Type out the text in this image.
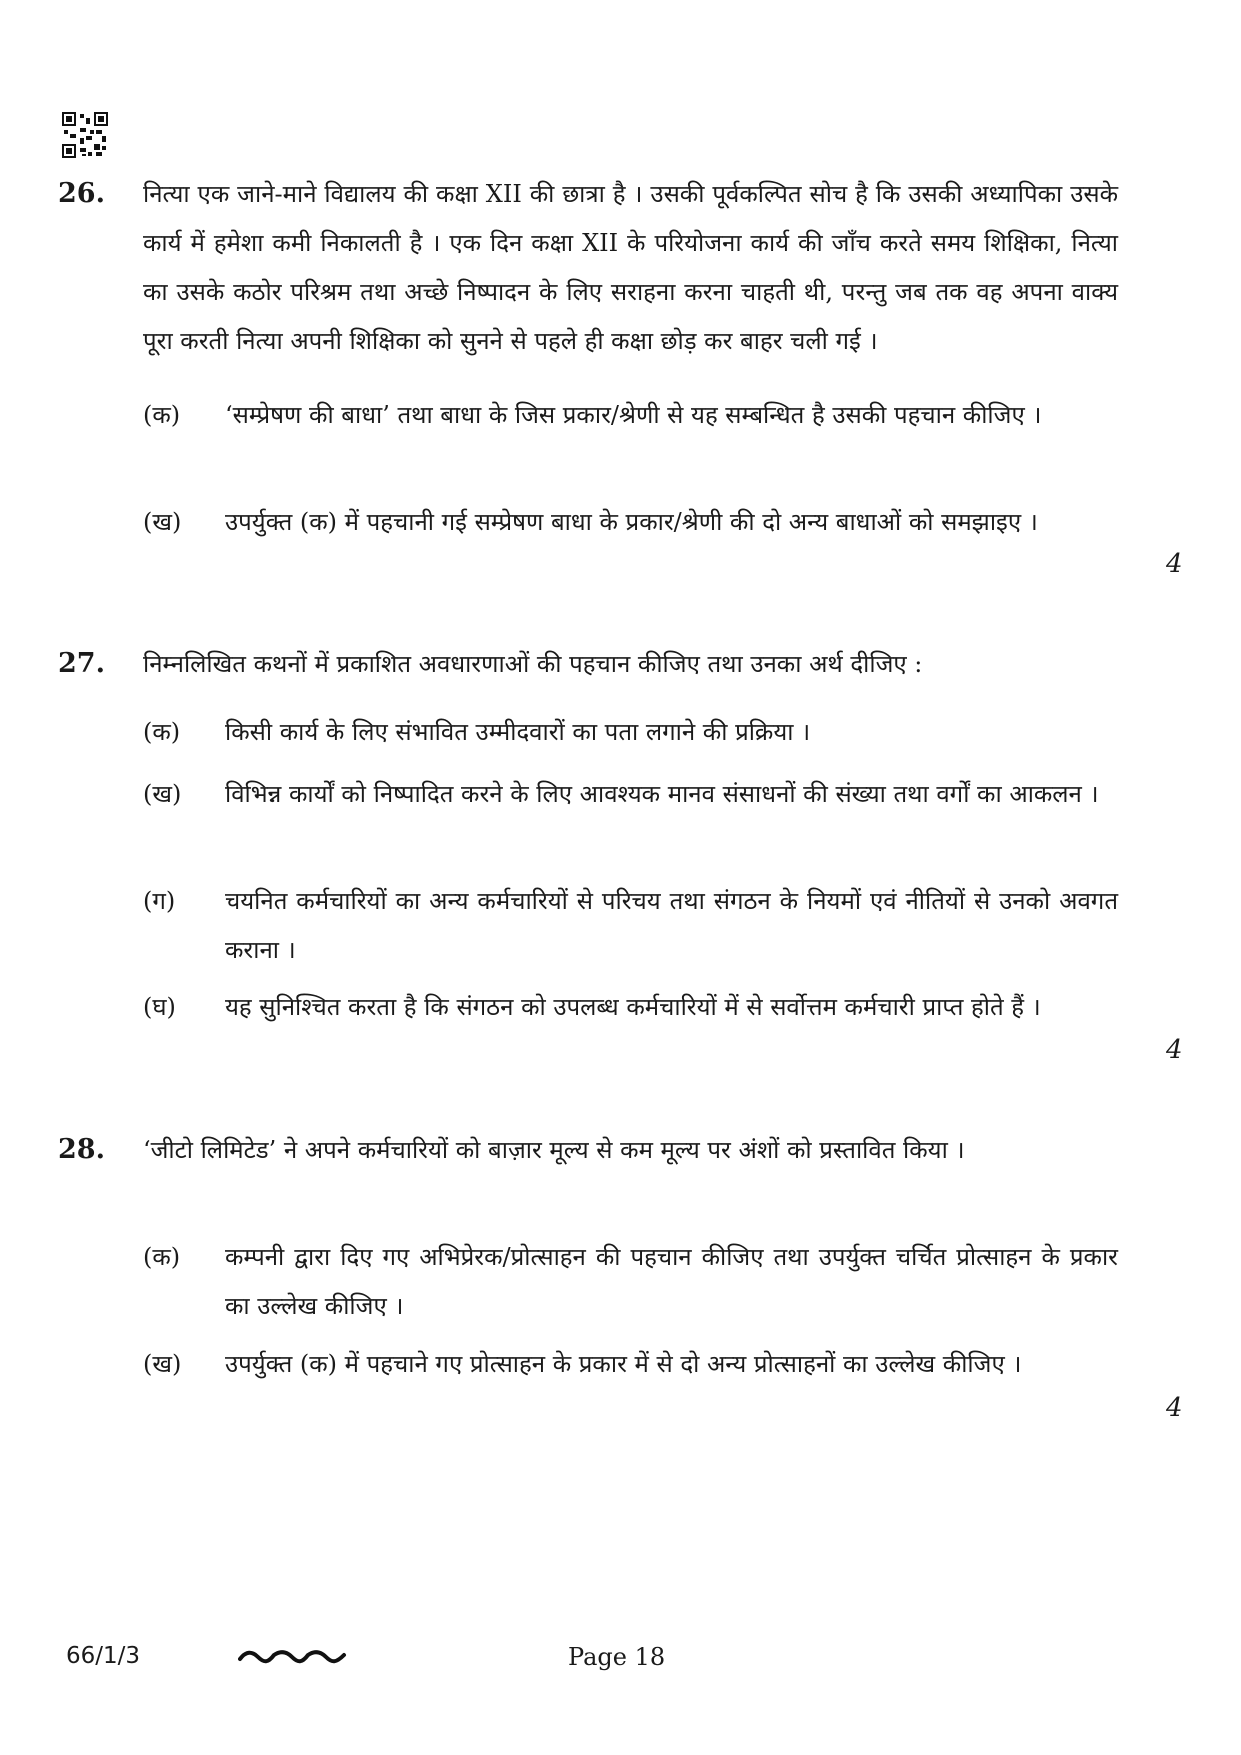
26. नित्या एक जाने-माने विद्यालय की कक्षा XII की छात्रा है । उसकी पूर्वकल्पित सोच है कि उसकी अध्यापिका उसके कार्य में हमेशा कमी निकालती है । एक दिन कक्षा XII के परियोजना कार्य की जाँच करते समय शिक्षिका, नित्या का उसके कठोर परिश्रम तथा अच्छे निष्पादन के लिए सराहना करना चाहती थी, परन्तु जब तक वह अपना वाक्य पूरा करती नित्या अपनी शिक्षिका को सुनने से पहले ही कक्षा छोड़ कर बाहर चली गई ।
(क) ‘सम्प्रेषण की बाधा’ तथा बाधा के जिस प्रकार/श्रेणी से यह सम्बन्धित है उसकी पहचान कीजिए ।
(ख) उपर्युक्त (क) में पहचानी गई सम्प्रेषण बाधा के प्रकार/श्रेणी की दो अन्य बाधाओं को समझाइए ।
4
27. निम्नलिखित कथनों में प्रकाशित अवधारणाओं की पहचान कीजिए तथा उनका अर्थ दीजिए :
(क) किसी कार्य के लिए संभावित उम्मीदवारों का पता लगाने की प्रक्रिया ।
(ख) विभिन्न कार्यों को निष्पादित करने के लिए आवश्यक मानव संसाधनों की संख्या तथा वर्गों का आकलन ।
(ग) चयनित कर्मचारियों का अन्य कर्मचारियों से परिचय तथा संगठन के नियमों एवं नीतियों से उनको अवगत कराना ।
(घ) यह सुनिश्चित करता है कि संगठन को उपलब्ध कर्मचारियों में से सर्वोत्तम कर्मचारी प्राप्त होते हैं ।
4
28. ‘जीटो लिमिटेड’ ने अपने कर्मचारियों को बाज़ार मूल्य से कम मूल्य पर अंशों को प्रस्तावित किया ।
(क) कम्पनी द्वारा दिए गए अभिप्रेरक/प्रोत्साहन की पहचान कीजिए तथा उपर्युक्त चर्चित प्रोत्साहन के प्रकार का उल्लेख कीजिए ।
(ख) उपर्युक्त (क) में पहचाने गए प्रोत्साहन के प्रकार में से दो अन्य प्रोत्साहनों का उल्लेख कीजिए ।
4
66/1/3	Page 18
